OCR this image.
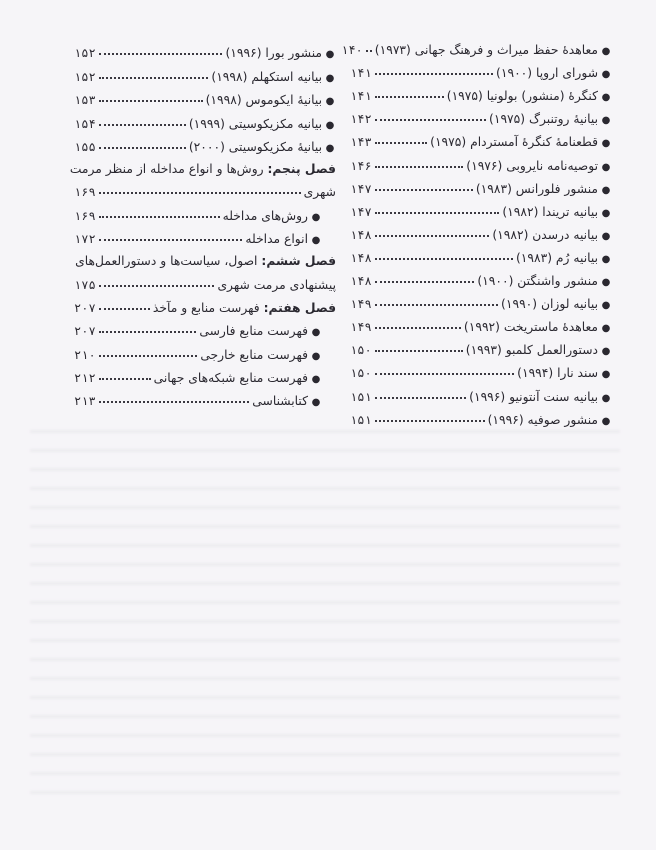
●
معاهدهٔ حفظ میراث و فرهنگ جهانی (۱۹۷۳)
۱۴۰
●
شورای اروپا (۱۹۰۰)
۱۴۱
●
کنگرهٔ (منشور) بولونیا (۱۹۷۵)
۱۴۱
●
بیانیهٔ روتنبرگ (۱۹۷۵)
۱۴۲
●
قطعنامهٔ کنگرهٔ آمستردام (۱۹۷۵)
۱۴۳
●
توصیه‌نامه نایروبی (۱۹۷۶)
۱۴۶
●
منشور فلورانس (۱۹۸۳)
۱۴۷
●
بیانیه تریندا (۱۹۸۲)
۱۴۷
●
بیانیه درسدن (۱۹۸۲)
۱۴۸
●
بیانیه رُم (۱۹۸۳)
۱۴۸
●
منشور واشنگتن (۱۹۰۰)
۱۴۸
●
بیانیه لوزان (۱۹۹۰)
۱۴۹
●
معاهدهٔ ماستریخت (۱۹۹۲)
۱۴۹
●
دستورالعمل کلمبو (۱۹۹۳)
۱۵۰
●
سند نارا (۱۹۹۴)
۱۵۰
●
بیانیه سنت آنتونیو (۱۹۹۶)
۱۵۱
●
منشور صوفیه (۱۹۹۶)
۱۵۱
●
منشور بورا (۱۹۹۶)
۱۵۲
●
بیانیه استکهلم (۱۹۹۸)
۱۵۲
●
بیانیهٔ ایکوموس (۱۹۹۸)
۱۵۳
●
بیانیه مکزیکوسیتی (۱۹۹۹)
۱۵۴
●
بیانیهٔ مکزیکوسیتی (۲۰۰۰)
۱۵۵
فصل پنجم:

روش‌ها و انواع مداخله از منظر مرمت
شهری
۱۶۹
●
روش‌های مداخله
۱۶۹
●
انواع مداخله
۱۷۲
فصل ششم:

اصول، سیاست‌ها و دستورالعمل‌های
پیشنهادی مرمت شهری
۱۷۵
فصل هفتم:

فهرست منابع و مآخذ
۲۰۷
●
فهرست منابع فارسی
۲۰۷
●
فهرست منابع خارجی
۲۱۰
●
فهرست منابع شبکه‌های جهانی
۲۱۲
●
کتابشناسی
۲۱۳
